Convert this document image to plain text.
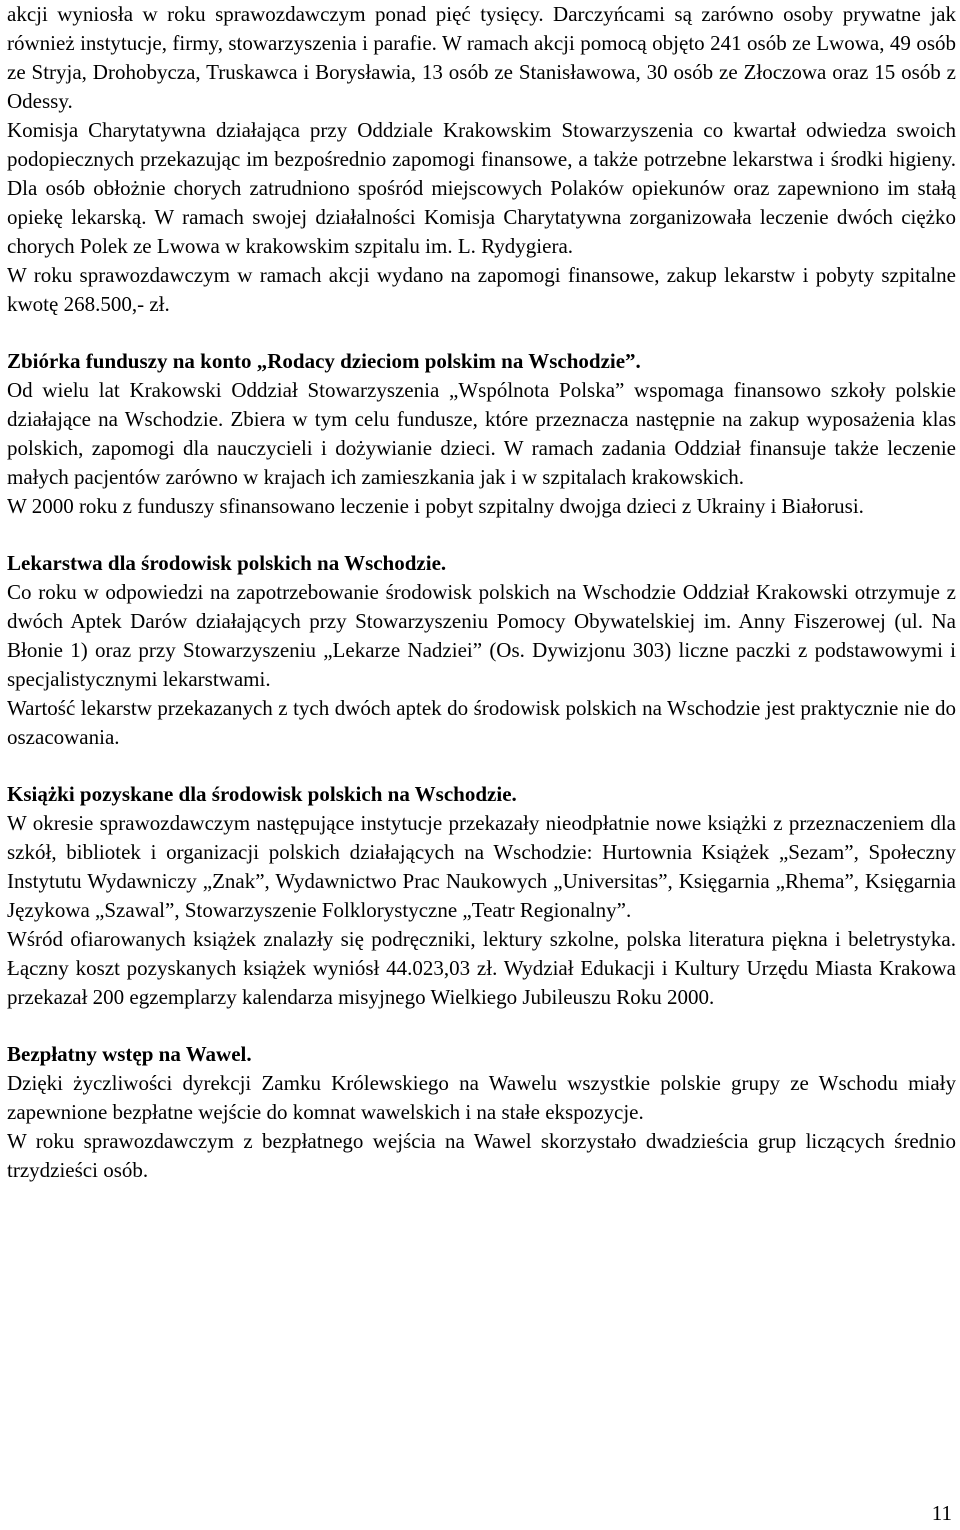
akcji wyniosła w roku sprawozdawczym ponad pięć tysięcy. Darczyńcami są zarówno osoby prywatne jak również instytucje, firmy, stowarzyszenia i parafie. W ramach akcji pomocą objęto 241 osób ze Lwowa, 49 osób ze Stryja, Drohobycza, Truskawca i Borysławia, 13 osób ze Stanisławowa, 30 osób ze Złoczowa oraz 15 osób z Odessy.

Komisja Charytatywna działająca przy Oddziale Krakowskim Stowarzyszenia co kwartał odwiedza swoich podopiecznych przekazując im bezpośrednio zapomogi finansowe, a także potrzebne lekarstwa i środki higieny. Dla osób obłożnie chorych zatrudniono spośród miejscowych Polaków opiekunów oraz zapewniono im stałą opiekę lekarską. W ramach swojej działalności Komisja Charytatywna zorganizowała leczenie dwóch ciężko chorych Polek ze Lwowa w krakowskim szpitalu im. L. Rydygiera.

W roku sprawozdawczym w ramach akcji wydano na zapomogi finansowe, zakup lekarstw i pobyty szpitalne kwotę 268.500,- zł.

Zbiórka funduszy na konto „Rodacy dzieciom polskim na Wschodzie”.

Od wielu lat Krakowski Oddział Stowarzyszenia „Wspólnota Polska” wspomaga finansowo szkoły polskie działające na Wschodzie. Zbiera w tym celu fundusze, które przeznacza następnie na zakup wyposażenia klas polskich, zapomogi dla nauczycieli i dożywianie dzieci. W ramach zadania Oddział finansuje także leczenie małych pacjentów zarówno w krajach ich zamieszkania jak i w szpitalach krakowskich.

W 2000 roku z funduszy sfinansowano leczenie i pobyt szpitalny dwojga dzieci z Ukrainy i Białorusi.

Lekarstwa dla środowisk polskich na Wschodzie.

Co roku w odpowiedzi na zapotrzebowanie środowisk polskich na Wschodzie Oddział Krakowski otrzymuje z dwóch Aptek Darów działających przy Stowarzyszeniu Pomocy Obywatelskiej im. Anny Fiszerowej (ul. Na Błonie 1) oraz przy Stowarzyszeniu „Lekarze Nadziei” (Os. Dywizjonu 303) liczne paczki z podstawowymi i specjalistycznymi lekarstwami.

Wartość lekarstw przekazanych z tych dwóch aptek do środowisk polskich na Wschodzie jest praktycznie nie do oszacowania.

Książki pozyskane dla środowisk polskich na Wschodzie.

W okresie sprawozdawczym następujące instytucje przekazały nieodpłatnie nowe książki z przeznaczeniem dla szkół, bibliotek i organizacji polskich działających na Wschodzie: Hurtownia Książek „Sezam”, Społeczny Instytutu Wydawniczy „Znak”, Wydawnictwo Prac Naukowych „Universitas”, Księgarnia „Rhema”, Księgarnia Językowa „Szawal”, Stowarzyszenie Folklorystyczne „Teatr Regionalny”.

Wśród ofiarowanych książek znalazły się podręczniki, lektury szkolne, polska literatura piękna i beletrystyka. Łączny koszt pozyskanych książek wyniósł 44.023,03 zł. Wydział Edukacji i Kultury Urzędu Miasta Krakowa przekazał 200 egzemplarzy kalendarza misyjnego Wielkiego Jubileuszu Roku 2000.

Bezpłatny wstęp na Wawel.

Dzięki życzliwości dyrekcji Zamku Królewskiego na Wawelu wszystkie polskie grupy ze Wschodu miały zapewnione bezpłatne wejście do komnat wawelskich i na stałe ekspozycje.

W roku sprawozdawczym z bezpłatnego wejścia na Wawel skorzystało dwadzieścia grup liczących średnio trzydzieści osób.

11
